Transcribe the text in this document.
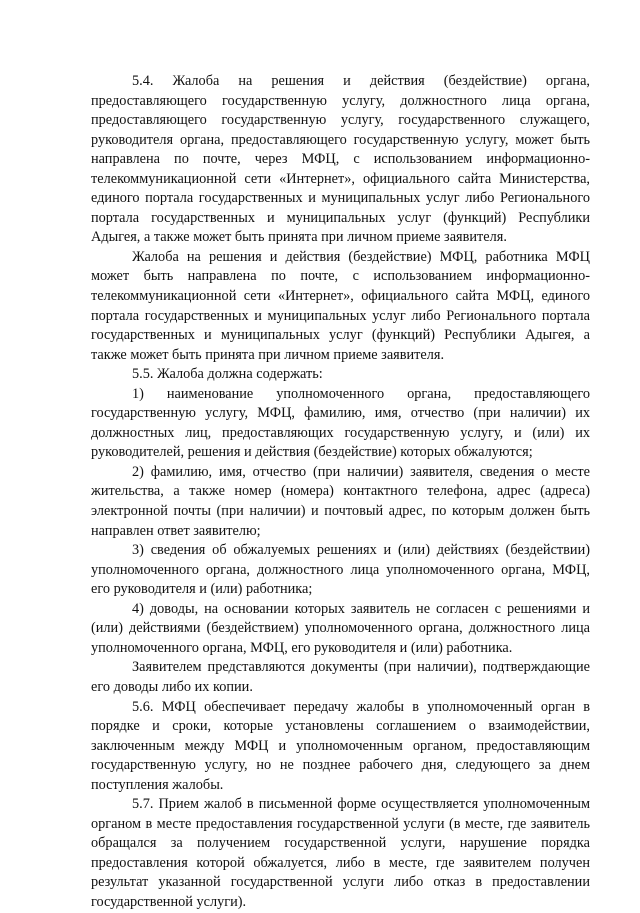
5.4. Жалоба на решения и действия (бездействие) органа, предоставляющего государственную услугу, должностного лица органа, предоставляющего государственную услугу, государственного служащего, руководителя органа, предоставляющего государственную услугу, может быть направлена по почте, через МФЦ, с использованием информационно-телекоммуникационной сети «Интернет», официального сайта Министерства, единого портала государственных и муниципальных услуг либо Регионального портала государственных и муниципальных услуг (функций) Республики Адыгея, а также может быть принята при личном приеме заявителя.

Жалоба на решения и действия (бездействие) МФЦ, работника МФЦ может быть направлена по почте, с использованием информационно-телекоммуникационной сети «Интернет», официального сайта МФЦ, единого портала государственных и муниципальных услуг либо Регионального портала государственных и муниципальных услуг (функций) Республики Адыгея, а также может быть принята при личном приеме заявителя.

5.5. Жалоба должна содержать:

1) наименование уполномоченного органа, предоставляющего государственную услугу, МФЦ, фамилию, имя, отчество (при наличии) их должностных лиц, предоставляющих государственную услугу, и (или) их руководителей, решения и действия (бездействие) которых обжалуются;

2) фамилию, имя, отчество (при наличии) заявителя, сведения о месте жительства, а также номер (номера) контактного телефона, адрес (адреса) электронной почты (при наличии) и почтовый адрес, по которым должен быть направлен ответ заявителю;

3) сведения об обжалуемых решениях и (или) действиях (бездействии) уполномоченного органа, должностного лица уполномоченного органа, МФЦ, его руководителя и (или) работника;

4) доводы, на основании которых заявитель не согласен с решениями и (или) действиями (бездействием) уполномоченного органа, должностного лица уполномоченного органа, МФЦ, его руководителя и (или) работника.

Заявителем представляются документы (при наличии), подтверждающие его доводы либо их копии.

5.6. МФЦ обеспечивает передачу жалобы в уполномоченный орган в порядке и сроки, которые установлены соглашением о взаимодействии, заключенным между МФЦ и уполномоченным органом, предоставляющим государственную услугу, но не позднее рабочего дня, следующего за днем поступления жалобы.

5.7. Прием жалоб в письменной форме осуществляется уполномоченным органом в месте предоставления государственной услуги (в месте, где заявитель обращался за получением государственной услуги, нарушение порядка предоставления которой обжалуется, либо в месте, где заявителем получен результат указанной государственной услуги либо отказ в предоставлении государственной услуги).
